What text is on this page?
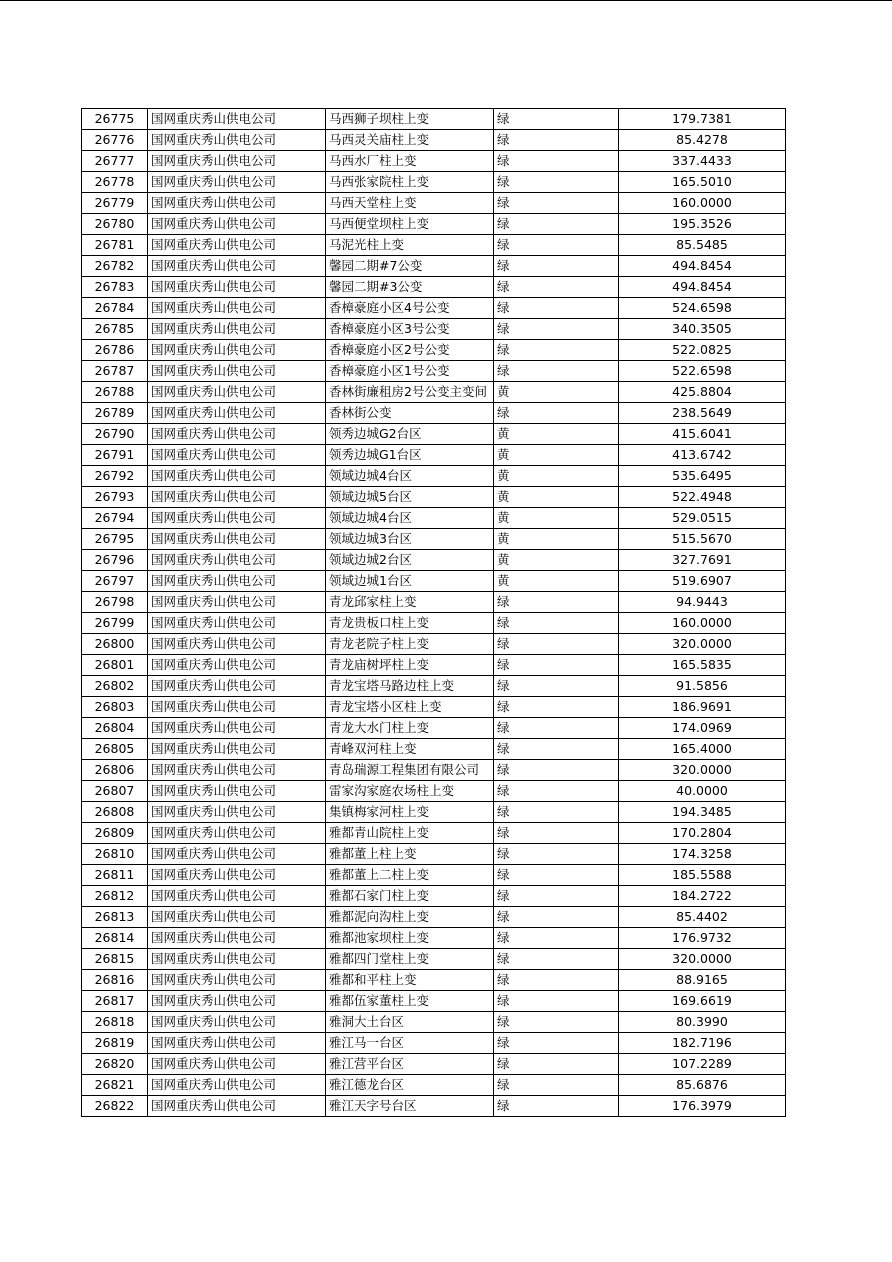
26775	国网重庆秀山供电公司	马西狮子坝柱上变	绿	179.7381
26776	国网重庆秀山供电公司	马西灵关庙柱上变	绿	85.4278
26777	国网重庆秀山供电公司	马西水厂柱上变	绿	337.4433
26778	国网重庆秀山供电公司	马西张家院柱上变	绿	165.5010
26779	国网重庆秀山供电公司	马西天堂柱上变	绿	160.0000
26780	国网重庆秀山供电公司	马西便堂坝柱上变	绿	195.3526
26781	国网重庆秀山供电公司	马泥光柱上变	绿	85.5485
26782	国网重庆秀山供电公司	馨园二期#7公变	绿	494.8454
26783	国网重庆秀山供电公司	馨园二期#3公变	绿	494.8454
26784	国网重庆秀山供电公司	香樟豪庭小区4号公变	绿	524.6598
26785	国网重庆秀山供电公司	香樟豪庭小区3号公变	绿	340.3505
26786	国网重庆秀山供电公司	香樟豪庭小区2号公变	绿	522.0825
26787	国网重庆秀山供电公司	香樟豪庭小区1号公变	绿	522.6598
26788	国网重庆秀山供电公司	香林街廉租房2号公变主变间	黄	425.8804
26789	国网重庆秀山供电公司	香林街公变	绿	238.5649
26790	国网重庆秀山供电公司	领秀边城G2台区	黄	415.6041
26791	国网重庆秀山供电公司	领秀边城G1台区	黄	413.6742
26792	国网重庆秀山供电公司	领域边城4台区	黄	535.6495
26793	国网重庆秀山供电公司	领域边城5台区	黄	522.4948
26794	国网重庆秀山供电公司	领域边城4台区	黄	529.0515
26795	国网重庆秀山供电公司	领域边城3台区	黄	515.5670
26796	国网重庆秀山供电公司	领域边城2台区	黄	327.7691
26797	国网重庆秀山供电公司	领域边城1台区	黄	519.6907
26798	国网重庆秀山供电公司	青龙邱家柱上变	绿	94.9443
26799	国网重庆秀山供电公司	青龙贵板口柱上变	绿	160.0000
26800	国网重庆秀山供电公司	青龙老院子柱上变	绿	320.0000
26801	国网重庆秀山供电公司	青龙庙树坪柱上变	绿	165.5835
26802	国网重庆秀山供电公司	青龙宝塔马路边柱上变	绿	91.5856
26803	国网重庆秀山供电公司	青龙宝塔小区柱上变	绿	186.9691
26804	国网重庆秀山供电公司	青龙大水门柱上变	绿	174.0969
26805	国网重庆秀山供电公司	青峰双河柱上变	绿	165.4000
26806	国网重庆秀山供电公司	青岛瑞源工程集团有限公司	绿	320.0000
26807	国网重庆秀山供电公司	雷家沟家庭农场柱上变	绿	40.0000
26808	国网重庆秀山供电公司	集镇梅家河柱上变	绿	194.3485
26809	国网重庆秀山供电公司	雅都青山院柱上变	绿	170.2804
26810	国网重庆秀山供电公司	雅都董上柱上变	绿	174.3258
26811	国网重庆秀山供电公司	雅都董上二柱上变	绿	185.5588
26812	国网重庆秀山供电公司	雅都石家门柱上变	绿	184.2722
26813	国网重庆秀山供电公司	雅都泥向沟柱上变	绿	85.4402
26814	国网重庆秀山供电公司	雅都池家坝柱上变	绿	176.9732
26815	国网重庆秀山供电公司	雅都四门堂柱上变	绿	320.0000
26816	国网重庆秀山供电公司	雅都和平柱上变	绿	88.9165
26817	国网重庆秀山供电公司	雅都伍家董柱上变	绿	169.6619
26818	国网重庆秀山供电公司	雅洞大土台区	绿	80.3990
26819	国网重庆秀山供电公司	雅江马一台区	绿	182.7196
26820	国网重庆秀山供电公司	雅江营平台区	绿	107.2289
26821	国网重庆秀山供电公司	雅江德龙台区	绿	85.6876
26822	国网重庆秀山供电公司	雅江天字号台区	绿	176.3979
